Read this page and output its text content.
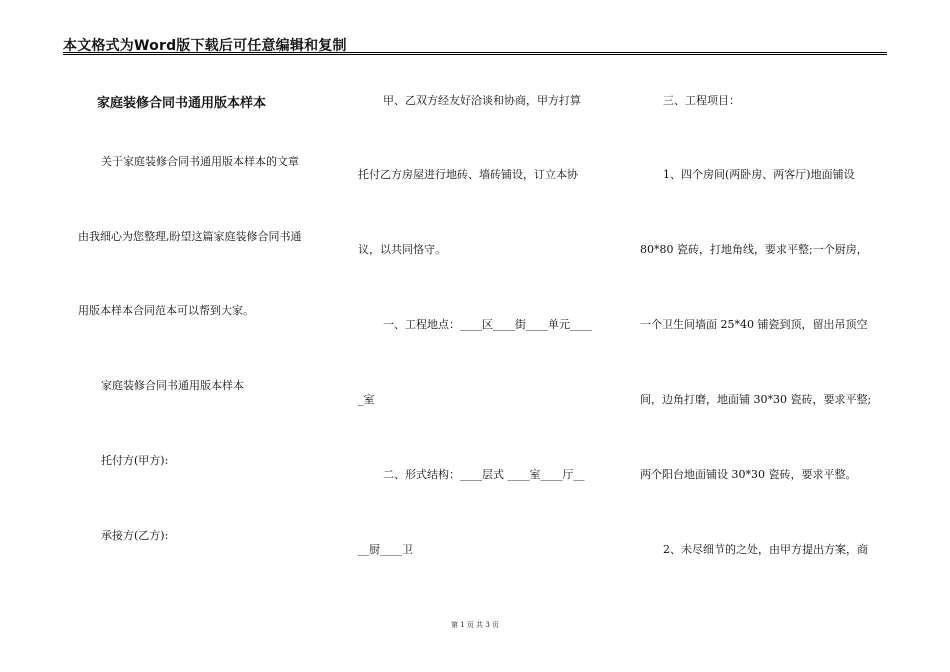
本文格式为Word版下载后可任意编辑和复制
家庭装修合同书通用版本样本
关于家庭装修合同书通用版本样本的文章
由我细心为您整理,盼望这篇家庭装修合同书通
用版本样本合同范本可以帮到大家。
家庭装修合同书通用版本样本
托付方(甲方):
承接方(乙方):
甲、乙双方经友好洽谈和协商，甲方打算
托付乙方房屋进行地砖、墙砖铺设，订立本协
议，以共同恪守。
一、工程地点：____区____街____单元____
_室
二、形式结构：____层式 ____室____厅__
__厨____卫
三、工程项目：
1、四个房间(两卧房、两客厅)地面铺设
80*80 瓷砖，打地角线，要求平整;一个厨房，
一个卫生间墙面 25*40 铺瓷到顶，留出吊顶空
间，边角打磨，地面铺 30*30 瓷砖，要求平整;
两个阳台地面铺设 30*30 瓷砖，要求平整。
2、未尽细节的之处，由甲方提出方案，商
第 1 页 共 3 页
